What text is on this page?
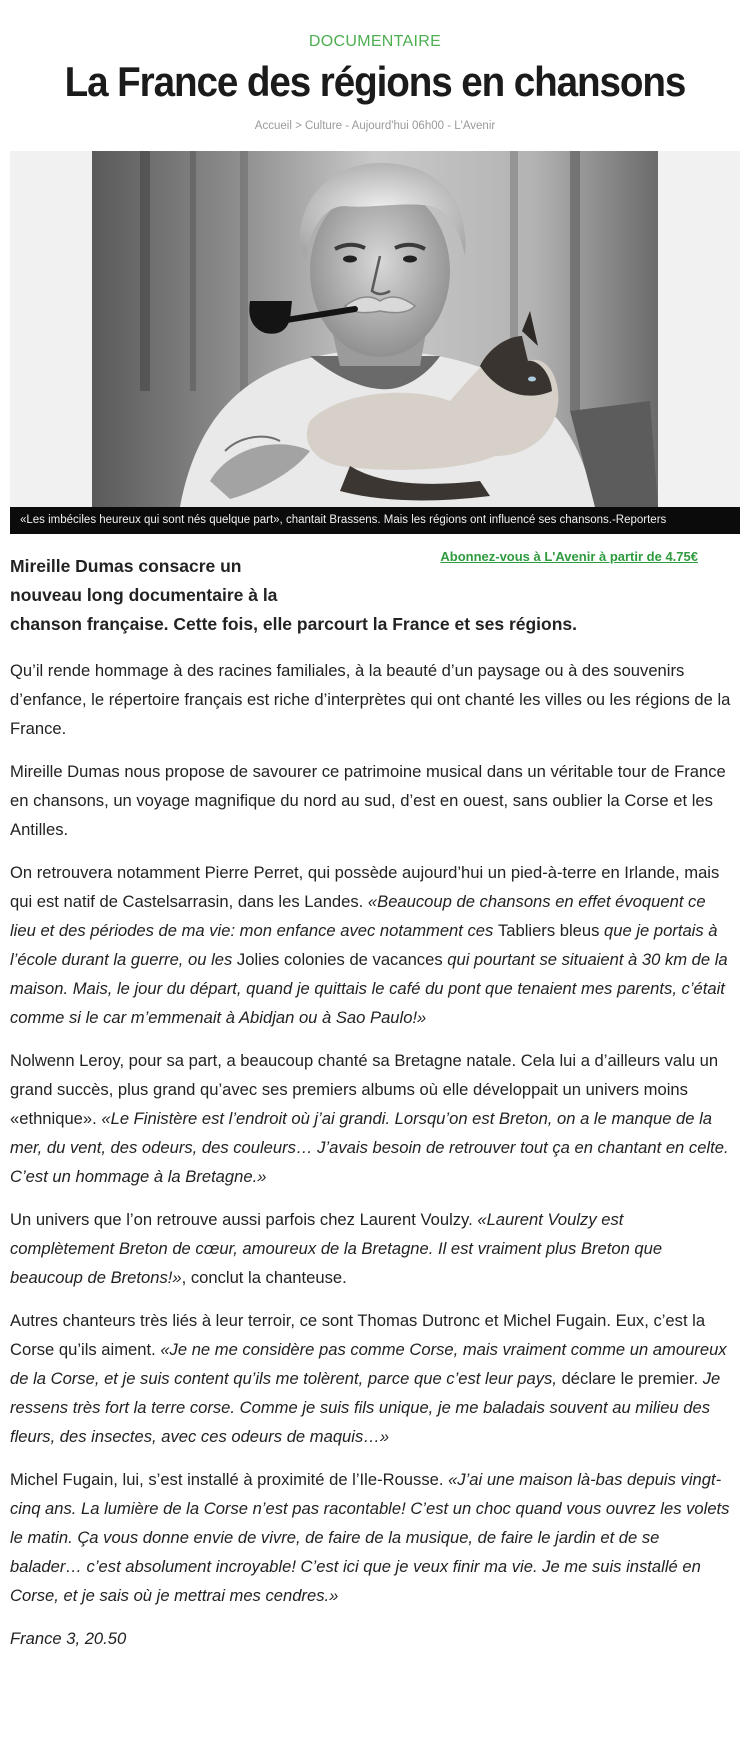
DOCUMENTAIRE
La France des régions en chansons
Accueil > Culture - Aujourd'hui 06h00 - L'Avenir
«Les imbéciles heureux qui sont nés quelque part», chantait Brassens. Mais les régions ont influencé ses chansons.-Reporters
Abonnez-vous à L'Avenir à partir de 4.75€

Mireille Dumas consacre un
nouveau long documentaire à la
chanson française. Cette fois, elle parcourt la France et ses régions.

Qu’il rende hommage à des racines familiales, à la beauté d’un paysage ou à des souvenirs d’enfance, le répertoire français est riche d’interprètes qui ont chanté les villes ou les régions de la France.

Mireille Dumas nous propose de savourer ce patrimoine musical dans un véritable tour de France en chansons, un voyage magnifique du nord au sud, d’est en ouest, sans oublier la Corse et les Antilles.

On retrouvera notamment Pierre Perret, qui possède aujourd’hui un pied-à-terre en Irlande, mais qui est natif de Castelsarrasin, dans les Landes. «Beaucoup de chansons en effet évoquent ce lieu et des périodes de ma vie: mon enfance avec notamment ces Tabliers bleus que je portais à l’école durant la guerre, ou les Jolies colonies de vacances qui pourtant se situaient à 30 km de la maison. Mais, le jour du départ, quand je quittais le café du pont que tenaient mes parents, c’était comme si le car m’emmenait à Abidjan ou à Sao Paulo!»

Nolwenn Leroy, pour sa part, a beaucoup chanté sa Bretagne natale. Cela lui a d’ailleurs valu un grand succès, plus grand qu’avec ses premiers albums où elle développait un univers moins «ethnique». «Le Finistère est l’endroit où j’ai grandi. Lorsqu’on est Breton, on a le manque de la mer, du vent, des odeurs, des couleurs… J’avais besoin de retrouver tout ça en chantant en celte. C’est un hommage à la Bretagne.»

Un univers que l’on retrouve aussi parfois chez Laurent Voulzy. «Laurent Voulzy est complètement Breton de cœur, amoureux de la Bretagne. Il est vraiment plus Breton que beaucoup de Bretons!», conclut la chanteuse.

Autres chanteurs très liés à leur terroir, ce sont Thomas Dutronc et Michel Fugain. Eux, c’est la Corse qu’ils aiment. «Je ne me considère pas comme Corse, mais vraiment comme un amoureux de la Corse, et je suis content qu’ils me tolèrent, parce que c’est leur pays, déclare le premier. Je ressens très fort la terre corse. Comme je suis fils unique, je me baladais souvent au milieu des fleurs, des insectes, avec ces odeurs de maquis…»

Michel Fugain, lui, s’est installé à proximité de l’Ile-Rousse. «J’ai une maison là-bas depuis vingt-cinq ans. La lumière de la Corse n’est pas racontable! C’est un choc quand vous ouvrez les volets le matin. Ça vous donne envie de vivre, de faire de la musique, de faire le jardin et de se balader… c’est absolument incroyable! C’est ici que je veux finir ma vie. Je me suis installé en Corse, et je sais où je mettrai mes cendres.»

France 3, 20.50
